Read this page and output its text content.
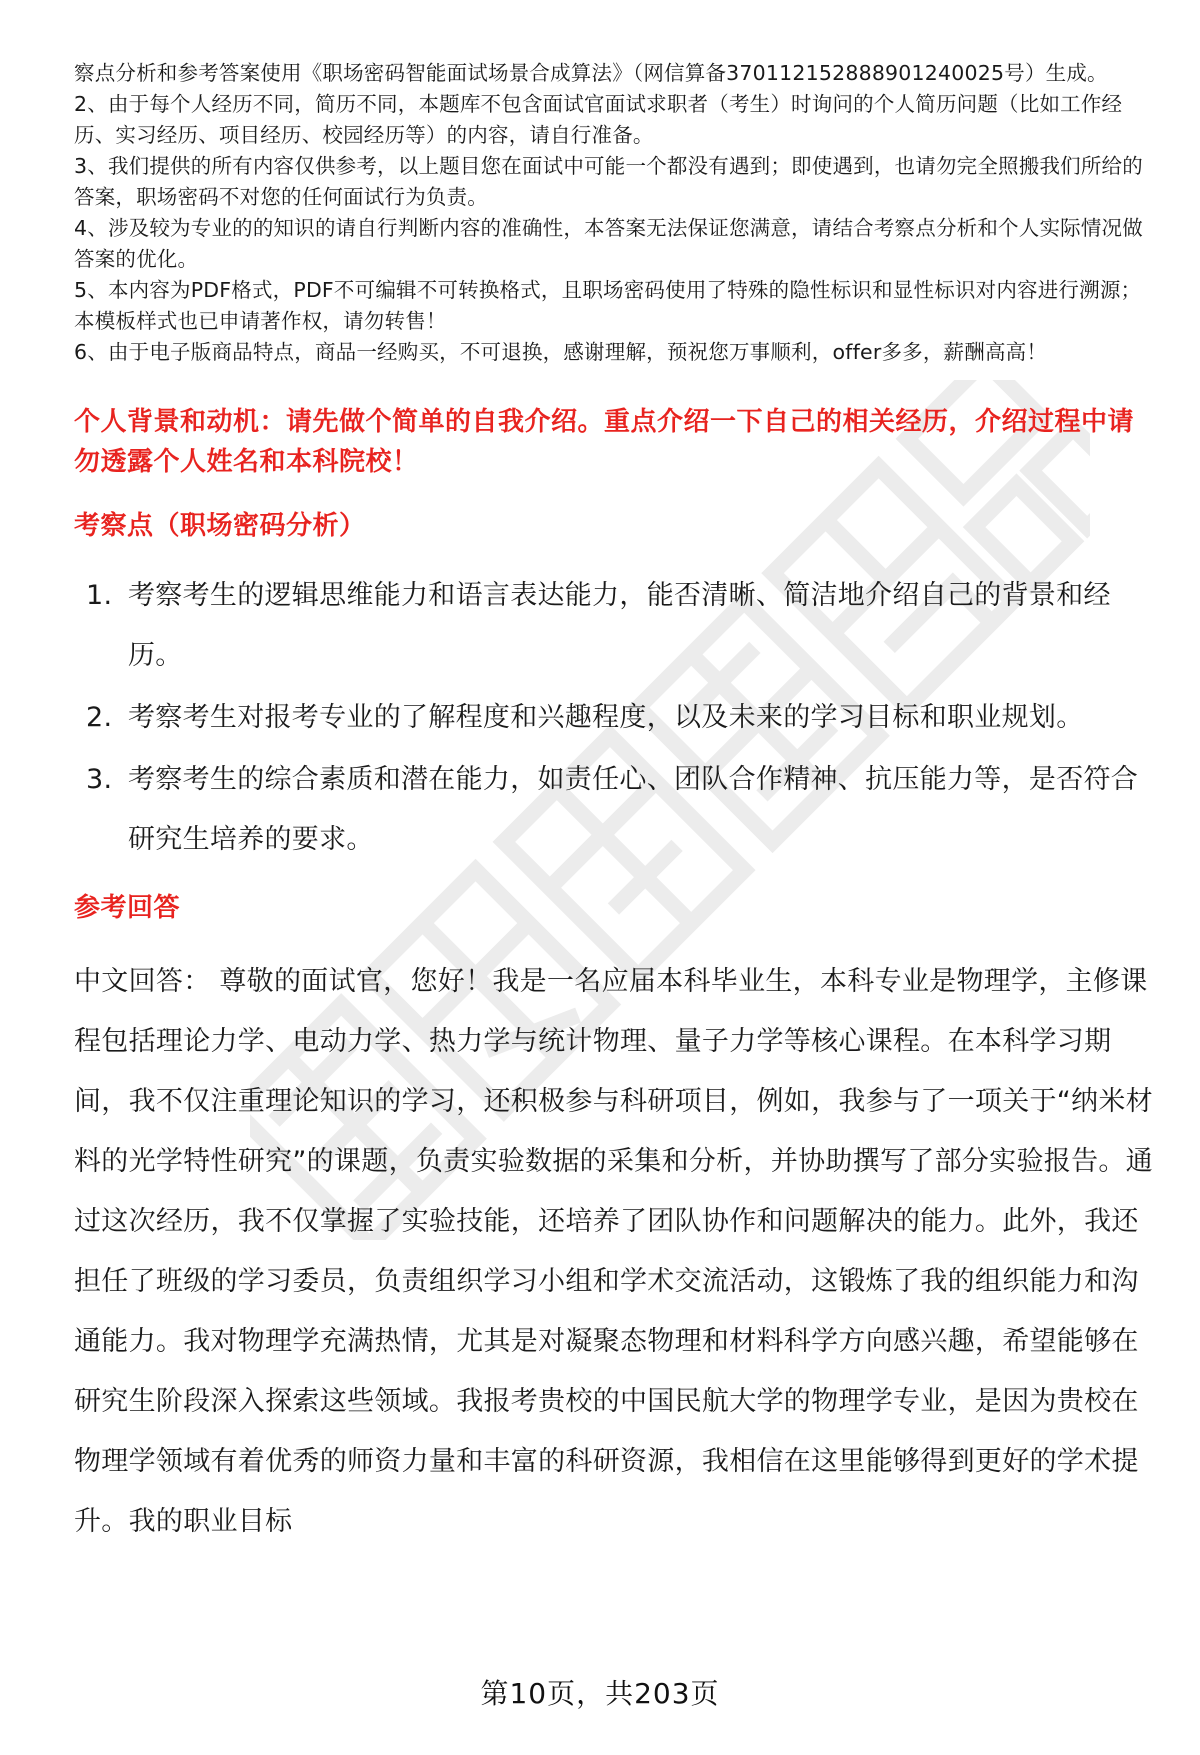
察点分析和参考答案使用《职场密码智能面试场景合成算法》（网信算备370112152888901240025号）生成。

2、由于每个人经历不同，简历不同，本题库不包含面试官面试求职者（考生）时询问的个人简历问题（比如工作经历、实习经历、项目经历、校园经历等）的内容，请自行准备。

3、我们提供的所有内容仅供参考，以上题目您在面试中可能一个都没有遇到；即使遇到，也请勿完全照搬我们所给的答案，职场密码不对您的任何面试行为负责。

4、涉及较为专业的的知识的请自行判断内容的准确性，本答案无法保证您满意，请结合考察点分析和个人实际情况做答案的优化。

5、本内容为PDF格式，PDF不可编辑不可转换格式，且职场密码使用了特殊的隐性标识和显性标识对内容进行溯源；本模板样式也已申请著作权，请勿转售！

6、由于电子版商品特点，商品一经购买，不可退换，感谢理解，预祝您万事顺利，offer多多，薪酬高高！

个人背景和动机：请先做个简单的自我介绍。重点介绍一下自己的相关经历，介绍过程中请勿透露个人姓名和本科院校！

考察点（职场密码分析）

1. 考察考生的逻辑思维能力和语言表达能力，能否清晰、简洁地介绍自己的背景和经历。
2. 考察考生对报考专业的了解程度和兴趣程度，以及未来的学习目标和职业规划。
3. 考察考生的综合素质和潜在能力，如责任心、团队合作精神、抗压能力等，是否符合研究生培养的要求。

参考回答

中文回答： 尊敬的面试官，您好！我是一名应届本科毕业生，本科专业是物理学，主修课程包括理论力学、电动力学、热力学与统计物理、量子力学等核心课程。在本科学习期间，我不仅注重理论知识的学习，还积极参与科研项目，例如，我参与了一项关于“纳米材料的光学特性研究”的课题，负责实验数据的采集和分析，并协助撰写了部分实验报告。通过这次经历，我不仅掌握了实验技能，还培养了团队协作和问题解决的能力。此外，我还担任了班级的学习委员，负责组织学习小组和学术交流活动，这锻炼了我的组织能力和沟通能力。我对物理学充满热情，尤其是对凝聚态物理和材料科学方向感兴趣，希望能够在研究生阶段深入探索这些领域。我报考贵校的中国民航大学的物理学专业，是因为贵校在物理学领域有着优秀的师资力量和丰富的科研资源，我相信在这里能够得到更好的学术提升。我的职业目标

第10页，共203页
